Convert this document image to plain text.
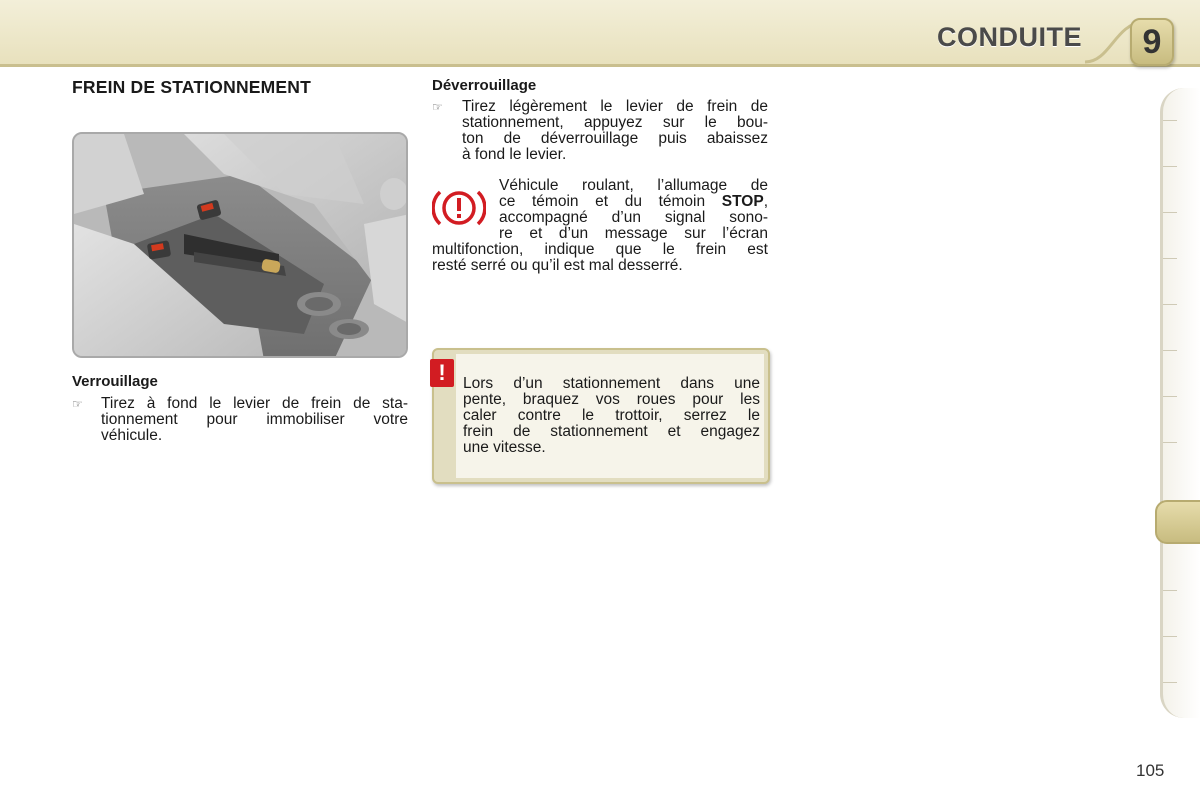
CONDUITE	9
FREIN DE STATIONNEMENT
Verrouillage
☞ Tirez à fond le levier de frein de sta-
tionnement pour immobiliser votre
véhicule.
Déverrouillage
☞ Tirez légèrement le levier de frein de
stationnement, appuyez sur le bou-
ton de déverrouillage puis abaissez
à fond le levier.
Véhicule roulant, l’allumage de
ce témoin et du témoin STOP,
accompagné d’un signal sono-
re et d’un message sur l’écran
multifonction, indique que le frein est
resté serré ou qu’il est mal desserré.
!	Lors d’un stationnement dans une
pente, braquez vos roues pour les
caler contre le trottoir, serrez le
frein de stationnement et engagez
une vitesse.
105
